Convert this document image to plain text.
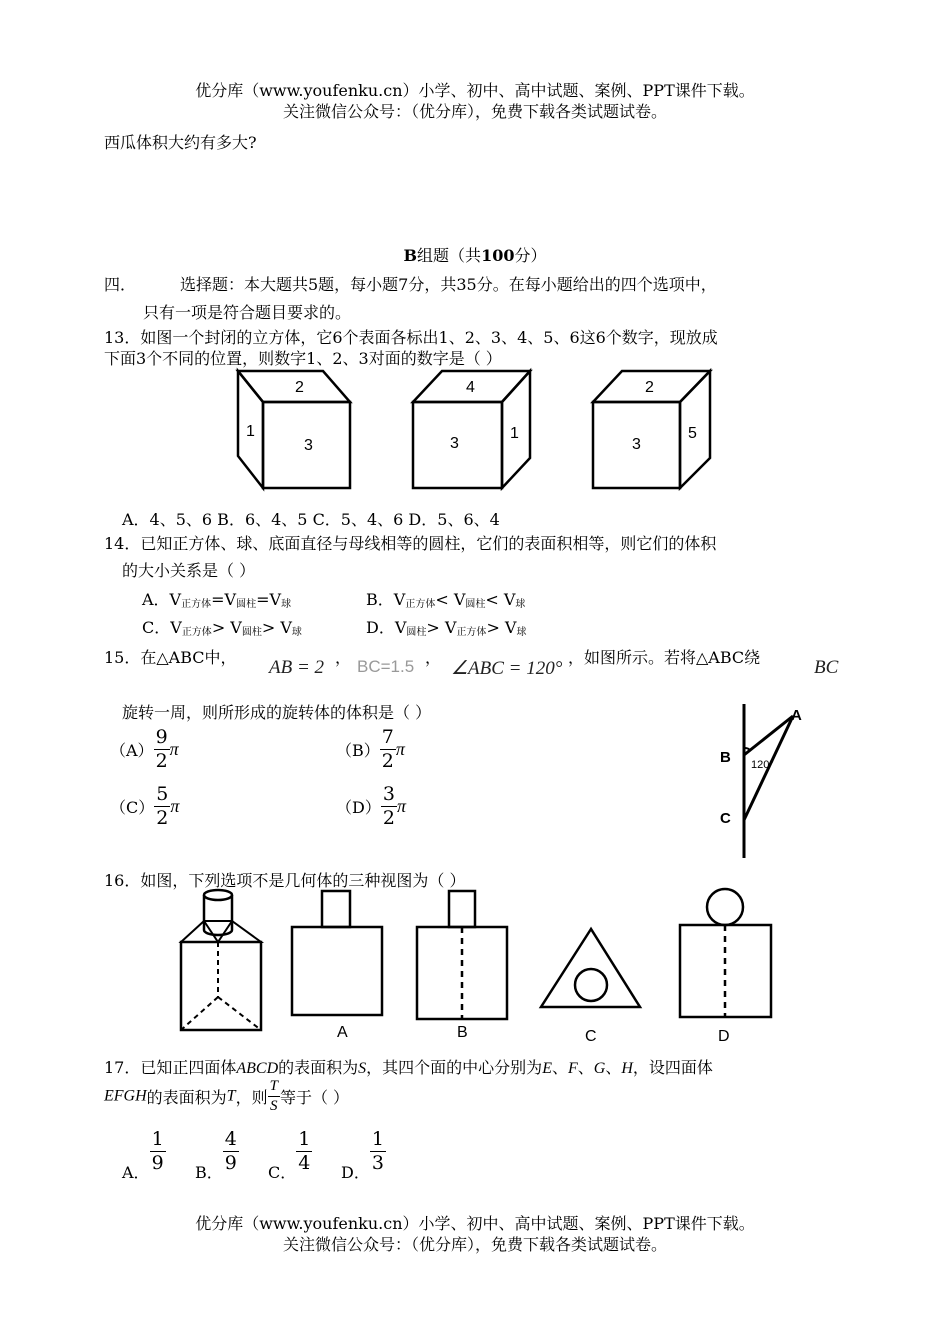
优分库（www.youfenku.cn）小学、初中、高中试题、案例、PPT课件下载。
关注微信公众号：（优分库），免费下载各类试题试卷。
西瓜体积大约有多大?
B组题（共100分）
四．	选择题：本大题共5题，每小题7分，共35分。在每小题给出的四个选项中，
只有一项是符合题目要求的。
13．如图一个封闭的立方体，它6个表面各标出1、2、3、4、5、6这6个数字，现放成
下面3个不同的位置，则数字1、2、3对面的数字是（ ）
2
3
1
4
3
1
2
3
5
A．4、5、6 B．6、4、5 C．5、4、6 D．5、6、4
14．已知正方体、球、底面直径与母线相等的圆柱，它们的表面积相等，则它们的体积
的大小关系是（ ）
A．$V_{正方体}=V_{圆柱}=V_球$	B．$V_{正方体}< V_{圆柱}< V_球$
C．$V_{正方体}> V_{圆柱}> V_球$	D．$V_{圆柱}> V_{正方体}> V_球$
15．在△ABC中， AB = 2 ， BC=1.5 ，
∠ABC = 120°
，如图所示。若将△ABC绕	BC
旋转一周，则所形成的旋转体的体积是（ ）
$(A) \frac{9}{2}$ π	$(B) \frac{7}{2}$ π
$(C) \frac{5}{2}$ π	$(D) \frac{3}{2}$ π
A
B
C
120°
16．如图，下列选项不是几何体的三种视图为（ ）
A	B	C	D
17．已知正四面体ABCD的表面积为S，其四个面的中心分别为E、F、G、H，设四面体
EFGH的表面积为T，则 $\frac{T}{S}$ 等于（ ）
A． $\frac{1}{9}$ B． $\frac{4}{9}$ C． $\frac{1}{4}$ D． $\frac{1}{3}$
优分库（www.youfenku.cn）小学、初中、高中试题、案例、PPT课件下载。
关注微信公众号：（优分库），免费下载各类试题试卷。
